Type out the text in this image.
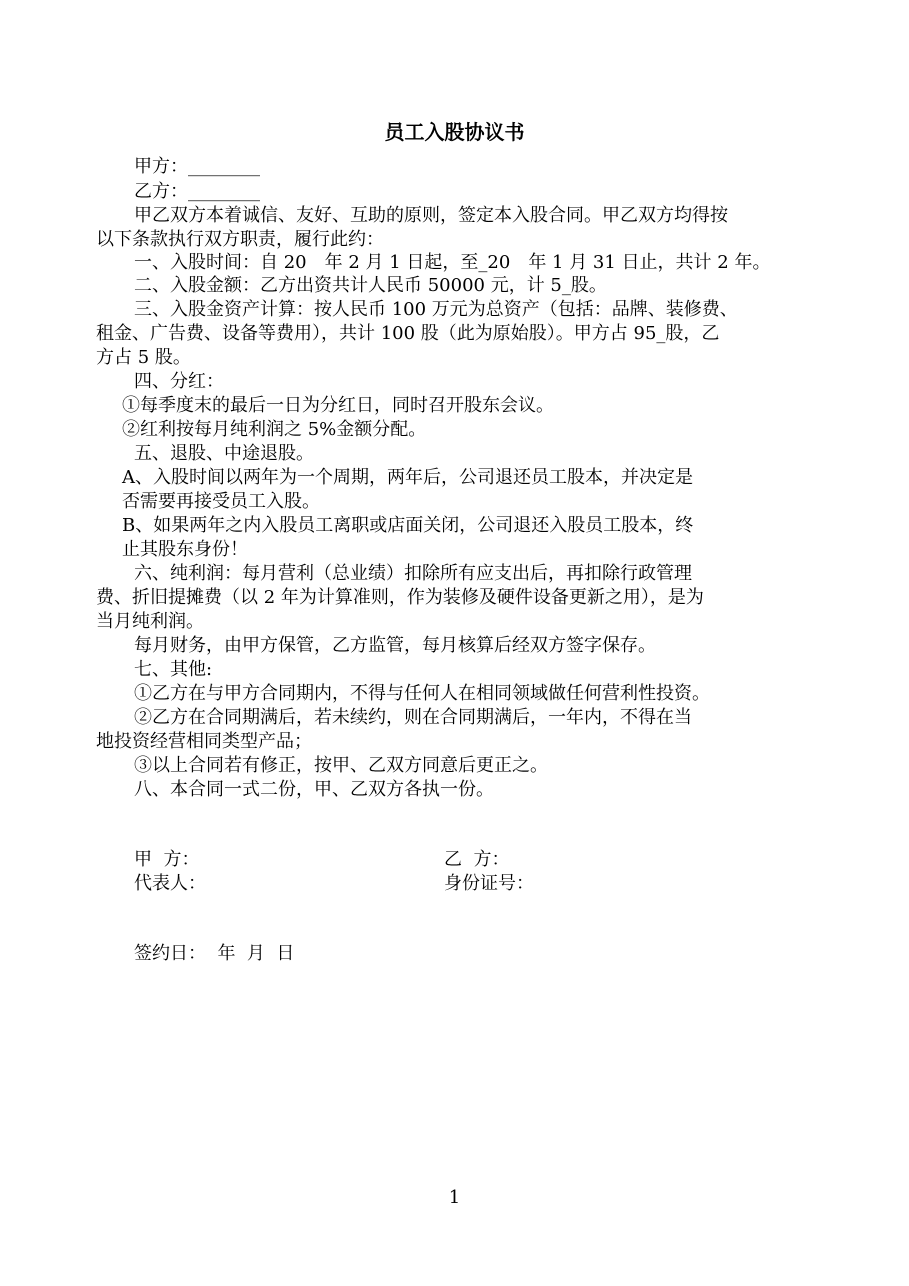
员工入股协议书
甲方：________
乙方：________
甲乙双方本着诚信、友好、互助的原则，签定本入股合同。甲乙双方均得按
以下条款执行双方职责，履行此约：
一、入股时间：自 20　年 2 月 1 日起，至_20　年 1 月 31 日止，共计 2 年。
二、入股金额：乙方出资共计人民币 50000 元，计 5_股。
三、入股金资产计算：按人民币 100 万元为总资产（包括：品牌、装修费、
租金、广告费、设备等费用），共计 100 股（此为原始股）。甲方占 95_股，乙
方占 5 股。
四、分红：
①每季度末的最后一日为分红日，同时召开股东会议。
②红利按每月纯利润之 5%金额分配。
五、退股、中途退股。
A、入股时间以两年为一个周期，两年后，公司退还员工股本，并决定是
否需要再接受员工入股。
B、如果两年之内入股员工离职或店面关闭，公司退还入股员工股本，终
止其股东身份！
六、纯利润：每月营利（总业绩）扣除所有应支出后，再扣除行政管理
费、折旧提摊费（以 2 年为计算准则，作为装修及硬件设备更新之用），是为
当月纯利润。
每月财务，由甲方保管，乙方监管，每月核算后经双方签字保存。
七、其他:
①乙方在与甲方合同期内，不得与任何人在相同领域做任何营利性投资。
②乙方在合同期满后，若未续约，则在合同期满后，一年内，不得在当
地投资经营相同类型产品；
③以上合同若有修正，按甲、乙双方同意后更正之。
八、本合同一式二份，甲、乙双方各执一份。
甲  方：	乙  方：
代表人：	身份证号：
签约日：  年  月  日
1
